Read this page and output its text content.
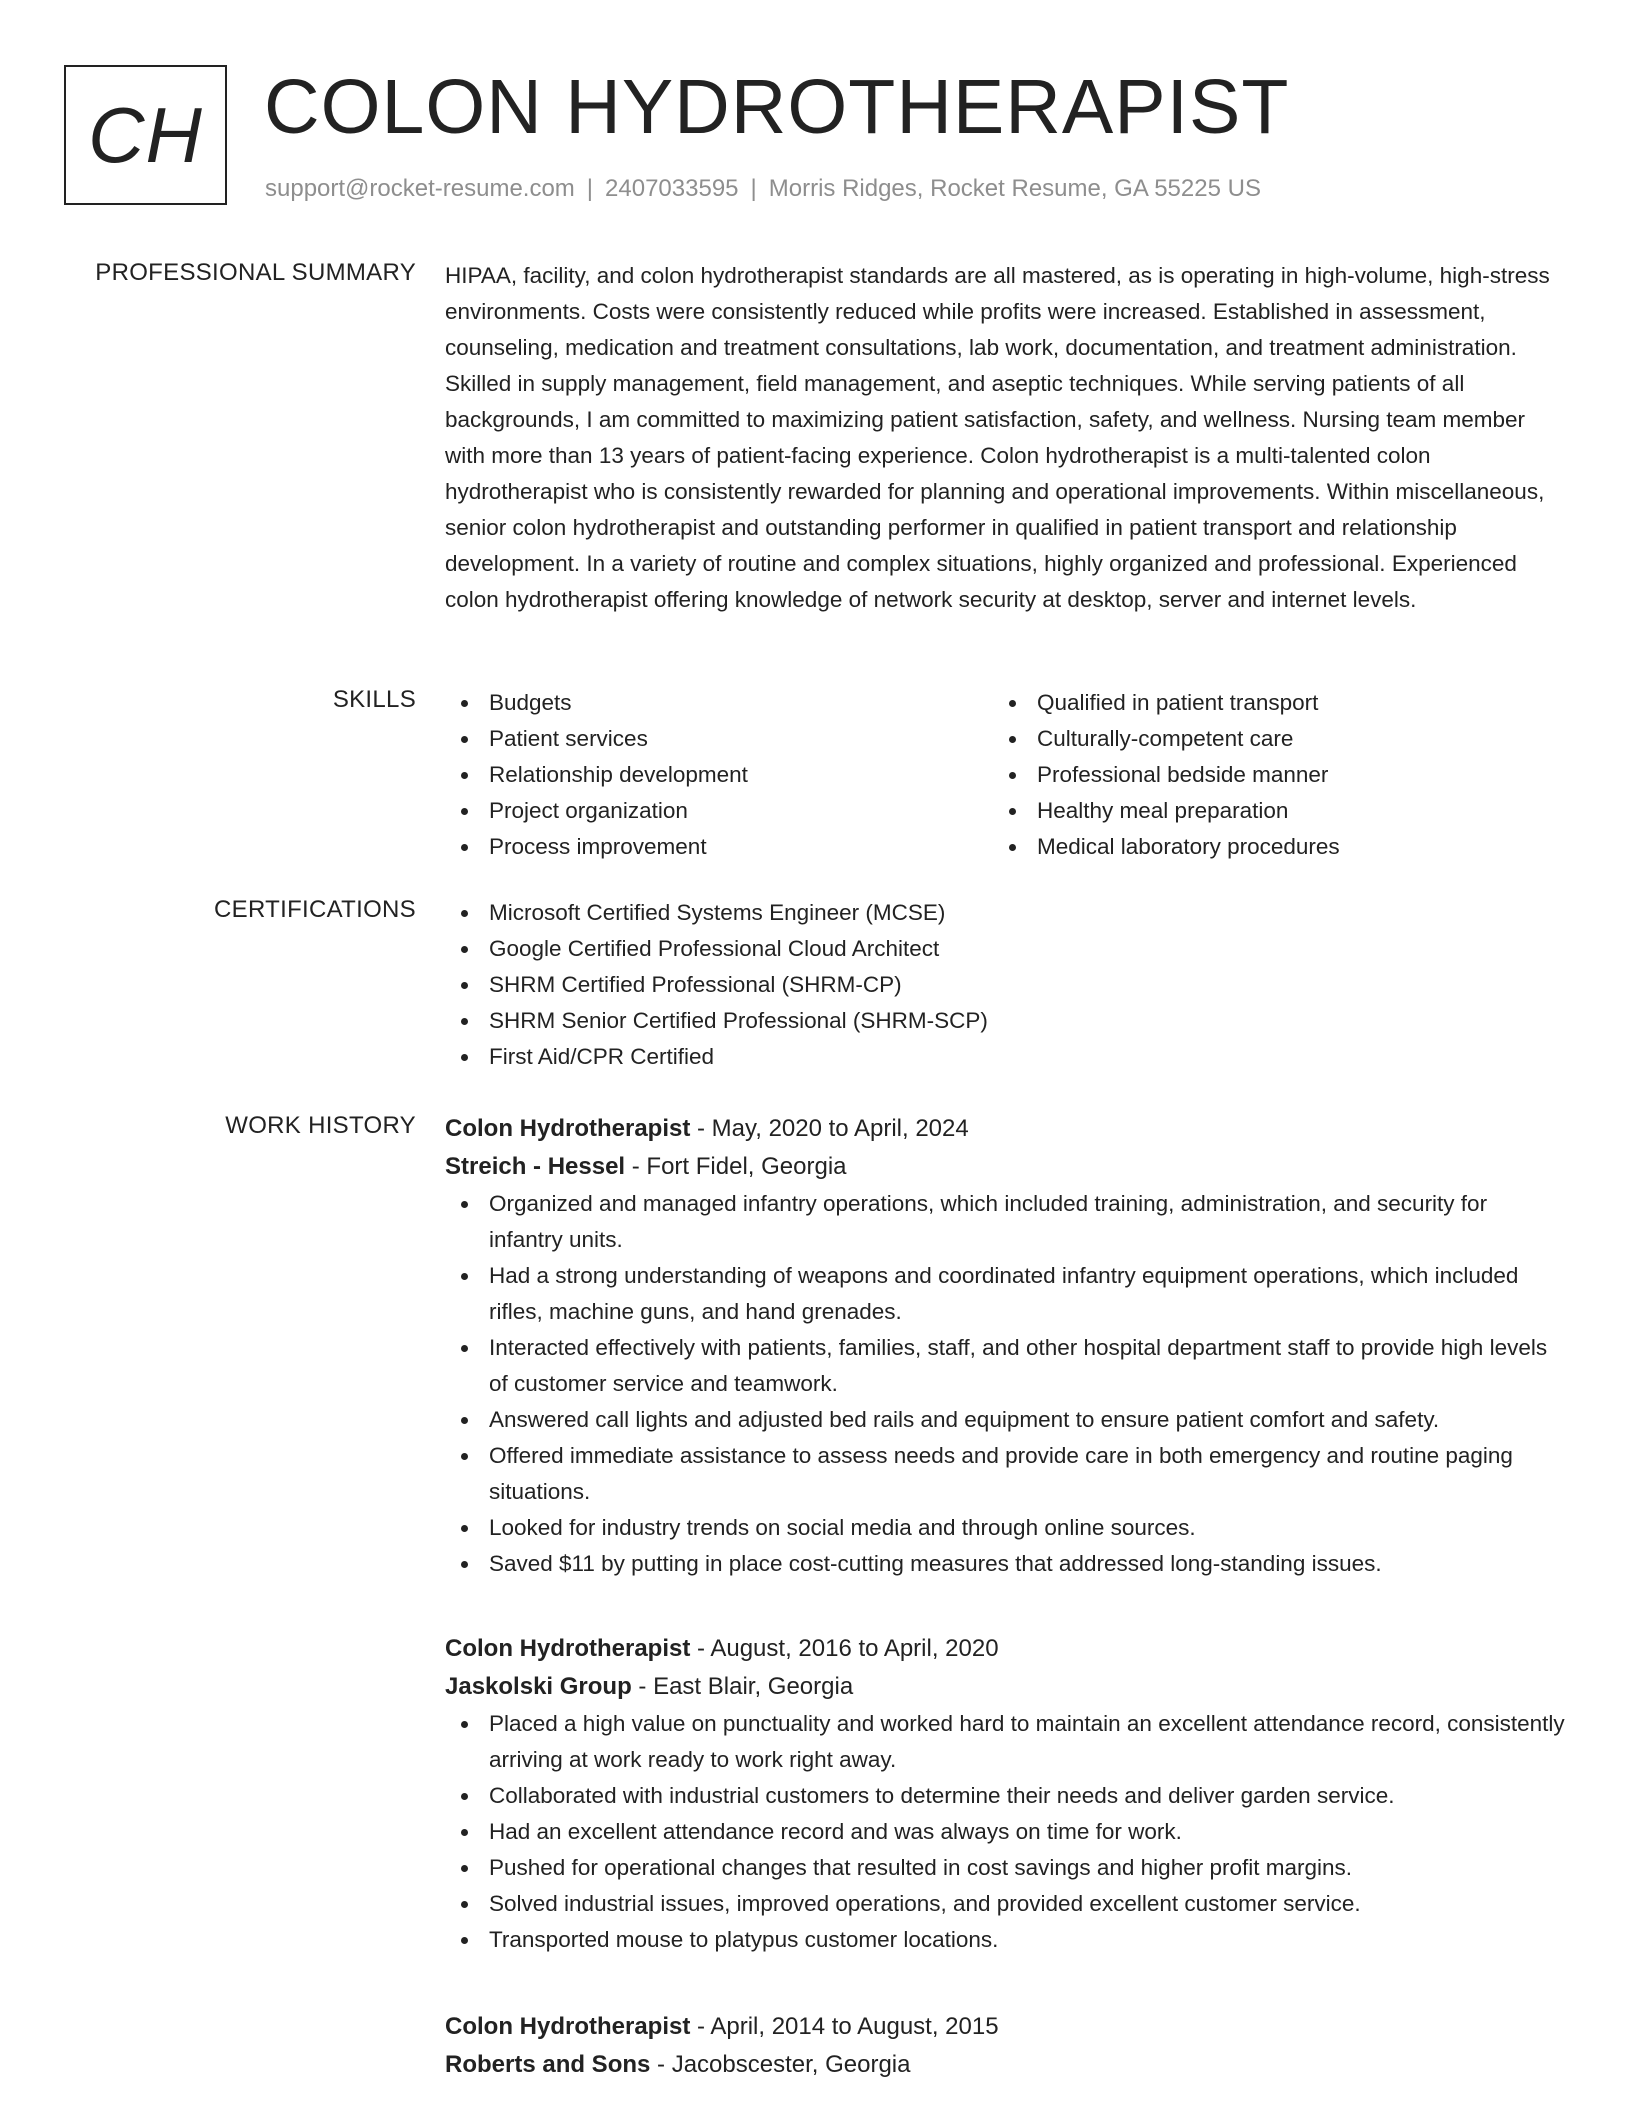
CH COLON HYDROTHERAPIST
support@rocket-resume.com | 2407033595 | Morris Ridges, Rocket Resume, GA 55225 US
PROFESSIONAL SUMMARY HIPAA, facility, and colon hydrotherapist standards are all mastered, as is operating in high-volume, high-stress environments. Costs were consistently reduced while profits were increased. Established in assessment, counseling, medication and treatment consultations, lab work, documentation, and treatment administration. Skilled in supply management, field management, and aseptic techniques. While serving patients of all backgrounds, I am committed to maximizing patient satisfaction, safety, and wellness. Nursing team member with more than 13 years of patient-facing experience. Colon hydrotherapist is a multi-talented colon hydrotherapist who is consistently rewarded for planning and operational improvements. Within miscellaneous, senior colon hydrotherapist and outstanding performer in qualified in patient transport and relationship development. In a variety of routine and complex situations, highly organized and professional. Experienced colon hydrotherapist offering knowledge of network security at desktop, server and internet levels.

SKILLS	Budgets
Patient services
Relationship development
Project organization
Process improvement
Qualified in patient transport
Culturally-competent care
Professional bedside manner
Healthy meal preparation
Medical laboratory procedures
CERTIFICATIONS	Microsoft Certified Systems Engineer (MCSE)
Google Certified Professional Cloud Architect
SHRM Certified Professional (SHRM-CP)
SHRM Senior Certified Professional (SHRM-SCP)
First Aid/CPR Certified
WORK HISTORY Colon Hydrotherapist - May, 2020 to April, 2024
Streich - Hessel - Fort Fidel, Georgia
Organized and managed infantry operations, which included training, administration, and security for infantry units.
Had a strong understanding of weapons and coordinated infantry equipment operations, which included rifles, machine guns, and hand grenades.
Interacted effectively with patients, families, staff, and other hospital department staff to provide high levels of customer service and teamwork.
Answered call lights and adjusted bed rails and equipment to ensure patient comfort and safety.
Offered immediate assistance to assess needs and provide care in both emergency and routine paging situations.
Looked for industry trends on social media and through online sources.
Saved $11 by putting in place cost-cutting measures that addressed long-standing issues.
Colon Hydrotherapist - August, 2016 to April, 2020
Jaskolski Group - East Blair, Georgia
Placed a high value on punctuality and worked hard to maintain an excellent attendance record, consistently arriving at work ready to work right away.
Collaborated with industrial customers to determine their needs and deliver garden service.
Had an excellent attendance record and was always on time for work.
Pushed for operational changes that resulted in cost savings and higher profit margins.
Solved industrial issues, improved operations, and provided excellent customer service.
Transported mouse to platypus customer locations.
Colon Hydrotherapist - April, 2014 to August, 2015
Roberts and Sons - Jacobscester, Georgia
